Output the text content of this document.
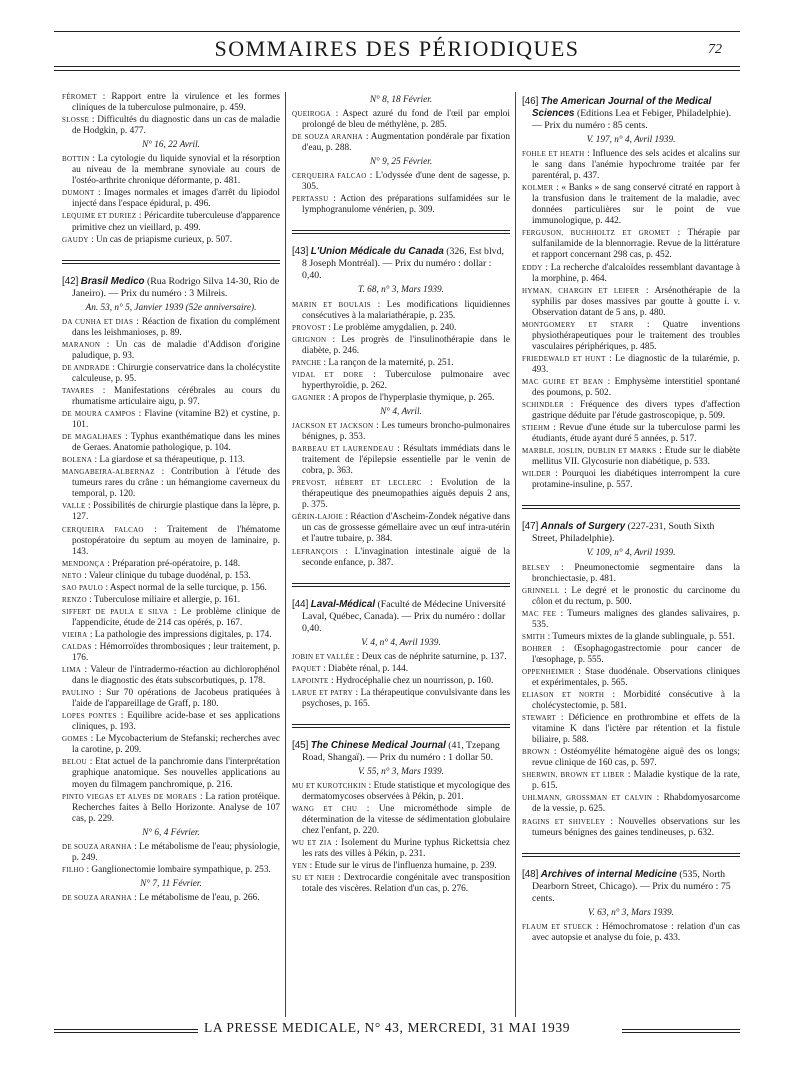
SOMMAIRES DES PÉRIODIQUES	72
FÉROMET : Rapport entre la virulence et les formes cliniques de la tuberculose pulmonaire, p. 459.
SLOSSE : Difficultés du diagnostic dans un cas de maladie de Hodgkin, p. 477.
N° 16, 22 Avril.
BOTTIN : La cytologie du liquide synovial et la résorption au niveau de la membrane synoviale au cours de l'ostéo-arthrite chronique déformante, p. 481.
DUMONT : Images normales et images d'arrêt du lipiodol injecté dans l'espace épidural, p. 496.
LEQUIME ET DURIEZ : Péricardite tuberculeuse d'apparence primitive chez un vieillard, p. 499.
GAUDY : Un cas de priapisme curieux, p. 507.
[42] Brasil Medico (Rua Rodrigo Silva 14-30, Rio de Janeiro). — Prix du numéro : 3 Milreis.
An. 53, n° 5, Janvier 1939 (52e anniversaire).
DA CUNHA ET DIAS : Réaction de fixation du complément dans les leishmanioses, p. 89.
MARANON : Un cas de maladie d'Addison d'origine paludique, p. 93.
DE ANDRADE : Chirurgie conservatrice dans la cholécystite calculeuse, p. 95.
TAVARES : Manifestations cérébrales au cours du rhumatisme articulaire aigu, p. 97.
DE MOURA CAMPOS : Flavine (vitamine B2) et cystine, p. 101.
DE MAGALHAES : Typhus exanthématique dans les mines de Geraes. Anatomie pathologique, p. 104.
BOLENA : La giardose et sa thérapeutique, p. 113.
MANGABEIRA-ALBERNAZ : Contribution à l'étude des tumeurs rares du crâne : un hémangiome caverneux du temporal, p. 120.
VALLE : Possibilités de chirurgie plastique dans la lèpre, p. 127.
CERQUEIRA FALCAO : Traitement de l'hématome postopératoire du septum au moyen de laminaire, p. 143.
MENDONÇA : Préparation pré-opératoire, p. 148.
NETO : Valeur clinique du tubage duodénal, p. 153.
SAO PAULO : Aspect normal de la selle turcique, p. 156.
RENZO : Tuberculose miliaire et allergie, p. 161.
SIFFERT DE PAULA E SILVA : Le problème clinique de l'appendicite, étude de 214 cas opérés, p. 167.
VIEIRA : La pathologie des impressions digitales, p. 174.
CALDAS : Hémorroïdes thrombosiques ; leur traitement, p. 176.
LIMA : Valeur de l'intradermo-réaction au dichlorophénol dans le diagnostic des états subscorbutiques, p. 178.
PAULINO : Sur 70 opérations de Jacobeus pratiquées à l'aide de l'appareillage de Graff, p. 180.
LOPES PONTES : Equilibre acide-base et ses applications cliniques, p. 193.
GOMES : Le Mycobacterium de Stefanski; recherches avec la carotine, p. 209.
BELOU : Etat actuel de la panchromie dans l'interprétation graphique anatomique. Ses nouvelles applications au moyen du filmagem panchromique, p. 216.
PINTO VIEGAS ET ALVES DE MORAES : La ration protéique. Recherches faites à Bello Horizonte. Analyse de 107 cas, p. 229.
N° 6, 4 Février.
DE SOUZA ARANHA : Le métabolisme de l'eau; physiologie, p. 249.
FILHO : Ganglionectomie lombaire sympathique, p. 253.
N° 7, 11 Février.
DE SOUZA ARANHA : Le métabolisme de l'eau, p. 266.
N° 8, 18 Février.
QUEIROGA : Aspect azuré du fond de l'œil par emploi prolongé de bleu de méthylène, p. 285.
DE SOUZA ARANHA : Augmentation pondérale par fixation d'eau, p. 288.
N° 9, 25 Février.
CERQUEIRA FALCAO : L'odyssée d'une dent de sagesse, p. 305.
PERTASSU : Action des préparations sulfamidées sur le lymphogranulome vénérien, p. 309.
[43] L'Union Médicale du Canada (326, Est blvd, 8 Joseph Montréal). — Prix du numéro : dollar : 0,40.
T. 68, n° 3, Mars 1939.
MARIN ET BOULAIS : Les modifications liquidiennes consécutives à la malariathérapie, p. 235.
PROVOST : Le problème amygdalien, p. 240.
GRIGNON : Les progrès de l'insulinothérapie dans le diabète, p. 246.
PANCHE : La rançon de la maternité, p. 251.
VIDAL ET DORE : Tuberculose pulmonaire avec hyperthyroïdie, p. 262.
GAGNIER : A propos de l'hyperplasie thymique, p. 265.
N° 4, Avril.
JACKSON ET JACKSON : Les tumeurs broncho-pulmonaires bénignes, p. 353.
BARBEAU ET LAURENDEAU : Résultats immédiats dans le traitement de l'épilepsie essentielle par le venin de cobra, p. 363.
PREVOST, HÉBERT ET LECLERC : Evolution de la thérapeutique des pneumopathies aiguës depuis 2 ans, p. 375.
GÉRIN-LAJOIE : Réaction d'Ascheim-Zondek négative dans un cas de grossesse gémellaire avec un œuf intra-utérin et l'autre tubaire, p. 384.
LEFRANÇOIS : L'invagination intestinale aiguë de la seconde enfance, p. 387.
[44] Laval-Médical (Faculté de Médecine Université Laval, Québec, Canada). — Prix du numéro : dollar 0,40.
V. 4, n° 4, Avril 1939.
JOBIN ET VALLÉE : Deux cas de néphrite saturnine, p. 137.
PAQUET : Diabète rénal, p. 144.
LAPOINTE : Hydrocéphalie chez un nourrisson, p. 160.
LARUE ET PATRY : La thérapeutique convulsivante dans les psychoses, p. 165.
[45] The Chinese Medical Journal (41, Tzepang Road, Shangaï). — Prix du numéro : 1 dollar 50.
V. 55, n° 3, Mars 1939.
MU ET KUROTCHKIN : Etude statistique et mycologique des dermatomycoses observées à Pékin, p. 201.
WANG ET CHU : Une microméthode simple de détermination de la vitesse de sédimentation globulaire chez l'enfant, p. 220.
WU ET ZIA : Isolement du Murine typhus Rickettsia chez les rats des villes à Pékin, p. 231.
YEN : Etude sur le virus de l'influenza humaine, p. 239.
SU ET NIEH : Dextrocardie congénitale avec transposition totale des viscères. Relation d'un cas, p. 276.
[46] The American Journal of the Medical Sciences (Editions Lea et Febiger, Philadelphie). — Prix du numéro : 85 cents.
V. 197, n° 4, Avril 1939.
FOHLE ET HEATH : Influence des sels acides et alcalins sur le sang dans l'anémie hypochrome traitée par fer parentéral, p. 437.
KOLMER : « Banks » de sang conservé citraté en rapport à la transfusion dans le traitement de la maladie, avec données particulières sur le point de vue immunologique, p. 442.
FERGUSON, BUCHHOLTZ ET GROMET : Thérapie par sulfanilamide de la blennorragie. Revue de la littérature et rapport concernant 298 cas, p. 452.
EDDY : La recherche d'alcaloïdes ressemblant davantage à la morphine, p. 464.
HYMAN, CHARGIN ET LEIFER : Arsénothérapie de la syphilis par doses massives par goutte à goutte i. v. Observation datant de 5 ans, p. 480.
MONTGOMERY ET STARR : Quatre inventions physiothérapeutiques pour le traitement des troubles vasculaires périphériques, p. 485.
FRIEDEWALD ET HUNT : Le diagnostic de la tularémie, p. 493.
MAC GUIRE ET BEAN : Emphysème interstitiel spontané des poumons, p. 502.
SCHINDLER : Fréquence des divers types d'affection gastrique déduite par l'étude gastroscopique, p. 509.
STIEHM : Revue d'une étude sur la tuberculose parmi les étudiants, étude ayant duré 5 années, p. 517.
MARBLE, JOSLIN, DUBLIN ET MARKS : Etude sur le diabète mellitus VII. Glycosurie non diabétique, p. 533.
WILDER : Pourquoi les diabétiques interrompent la cure protamine-insuline, p. 557.
[47] Annals of Surgery (227-231, South Sixth Street, Philadelphie).
V. 109, n° 4, Avril 1939.
BELSEY : Pneumonectomie segmentaire dans la bronchiectasie, p. 481.
GRINNELL : Le degré et le pronostic du carcinome du côlon et du rectum, p. 500.
MAC FEE : Tumeurs malignes des glandes salivaires, p. 535.
SMITH : Tumeurs mixtes de la glande sublinguale, p. 551.
BOHRER : Œsophagogastrectomie pour cancer de l'œsophage, p. 555.
OPPENHEIMER : Stase duodénale. Observations cliniques et expérimentales, p. 565.
ELIASON ET NORTH : Morbidité consécutive à la cholécystectomie, p. 581.
STEWART : Déficience en prothrombine et effets de la vitamine K dans l'ictère par rétention et la fistule biliaire, p. 588.
BROWN : Ostéomyélite hématogène aiguë des os longs; revue clinique de 160 cas, p. 597.
SHERWIN, BROWN ET LIBER : Maladie kystique de la rate, p. 615.
UHLMANN, GROSSMAN ET CALVIN : Rhabdomyosarcome de la vessie, p. 625.
RAGINS ET SHIVELEY : Nouvelles observations sur les tumeurs bénignes des gaines tendineuses, p. 632.
[48] Archives of internal Medicine (535, North Dearborn Street, Chicago). — Prix du numéro : 75 cents.
V. 63, n° 3, Mars 1939.
FLAUM ET STUECK : Hémochromatose : relation d'un cas avec autopsie et analyse du foie, p. 433.
LA PRESSE MEDICALE, N° 43, MERCREDI, 31 MAI 1939
